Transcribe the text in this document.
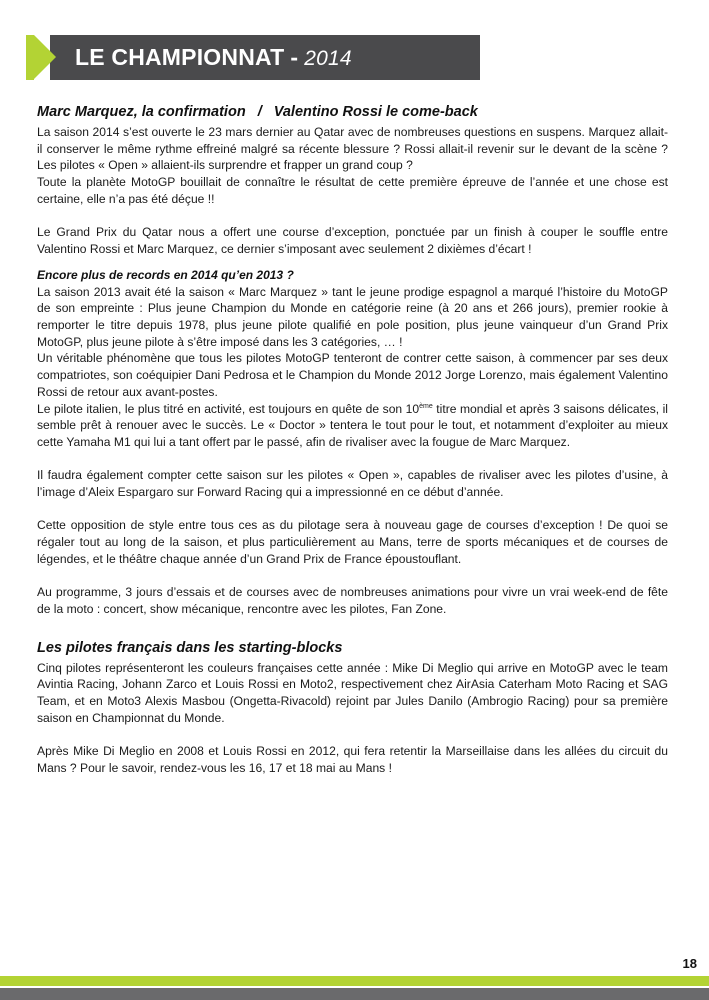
LE CHAMPIONNAT - 2014
Marc Marquez, la confirmation / Valentino Rossi le come-back

La saison 2014 s’est ouverte le 23 mars dernier au Qatar avec de nombreuses questions en suspens. Marquez allait-il conserver le même rythme effreiné malgré sa récente blessure ? Rossi allait-il revenir sur le devant de la scène ? Les pilotes « Open » allaient-ils surprendre et frapper un grand coup ?

Toute la planète MotoGP bouillait de connaître le résultat de cette première épreuve de l’année et une chose est certaine, elle n’a pas été déçue !!

Le Grand Prix du Qatar nous a offert une course d’exception, ponctuée par un finish à couper le souffle entre Valentino Rossi et Marc Marquez, ce dernier s’imposant avec seulement 2 dixièmes d’écart !

Encore plus de records en 2014 qu’en 2013 ?

La saison 2013 avait été la saison « Marc Marquez » tant le jeune prodige espagnol a marqué l’histoire du MotoGP de son empreinte : Plus jeune Champion du Monde en catégorie reine (à 20 ans et 266 jours), premier rookie à remporter le titre depuis 1978, plus jeune pilote qualifié en pole position, plus jeune vainqueur d’un Grand Prix MotoGP, plus jeune pilote à s’être imposé dans les 3 catégories, … !

Un véritable phénomène que tous les pilotes MotoGP tenteront de contrer cette saison, à commencer par ses deux compatriotes, son coéquipier Dani Pedrosa et le Champion du Monde 2012 Jorge Lorenzo, mais également Valentino Rossi de retour aux avant-postes.

Le pilote italien, le plus titré en activité, est toujours en quête de son 10ème titre mondial et après 3 saisons délicates, il semble prêt à renouer avec le succès. Le « Doctor » tentera le tout pour le tout, et notamment d’exploiter au mieux cette Yamaha M1 qui lui a tant offert par le passé, afin de rivaliser avec la fougue de Marc Marquez.

Il faudra également compter cette saison sur les pilotes « Open », capables de rivaliser avec les pilotes d’usine, à l’image d’Aleix Espargaro sur Forward Racing qui a impressionné en ce début d’année.

Cette opposition de style entre tous ces as du pilotage sera à nouveau gage de courses d’exception ! De quoi se régaler tout au long de la saison, et plus particulièrement au Mans, terre de sports mécaniques et de courses de légendes, et le théâtre chaque année d’un Grand Prix de France époustouflant.

Au programme, 3 jours d’essais et de courses avec de nombreuses animations pour vivre un vrai week-end de fête de la moto : concert, show mécanique, rencontre avec les pilotes, Fan Zone.

Les pilotes français dans les starting-blocks

Cinq pilotes représenteront les couleurs françaises cette année : Mike Di Meglio qui arrive en MotoGP avec le team Avintia Racing, Johann Zarco et Louis Rossi en Moto2, respectivement chez AirAsia Caterham Moto Racing et SAG Team, et en Moto3 Alexis Masbou (Ongetta-Rivacold) rejoint par Jules Danilo (Ambrogio Racing) pour sa première saison en Championnat du Monde.

Après Mike Di Meglio en 2008 et Louis Rossi en 2012, qui fera retentir la Marseillaise dans les allées du circuit du Mans ? Pour le savoir, rendez-vous les 16, 17 et 18 mai au Mans !

18
